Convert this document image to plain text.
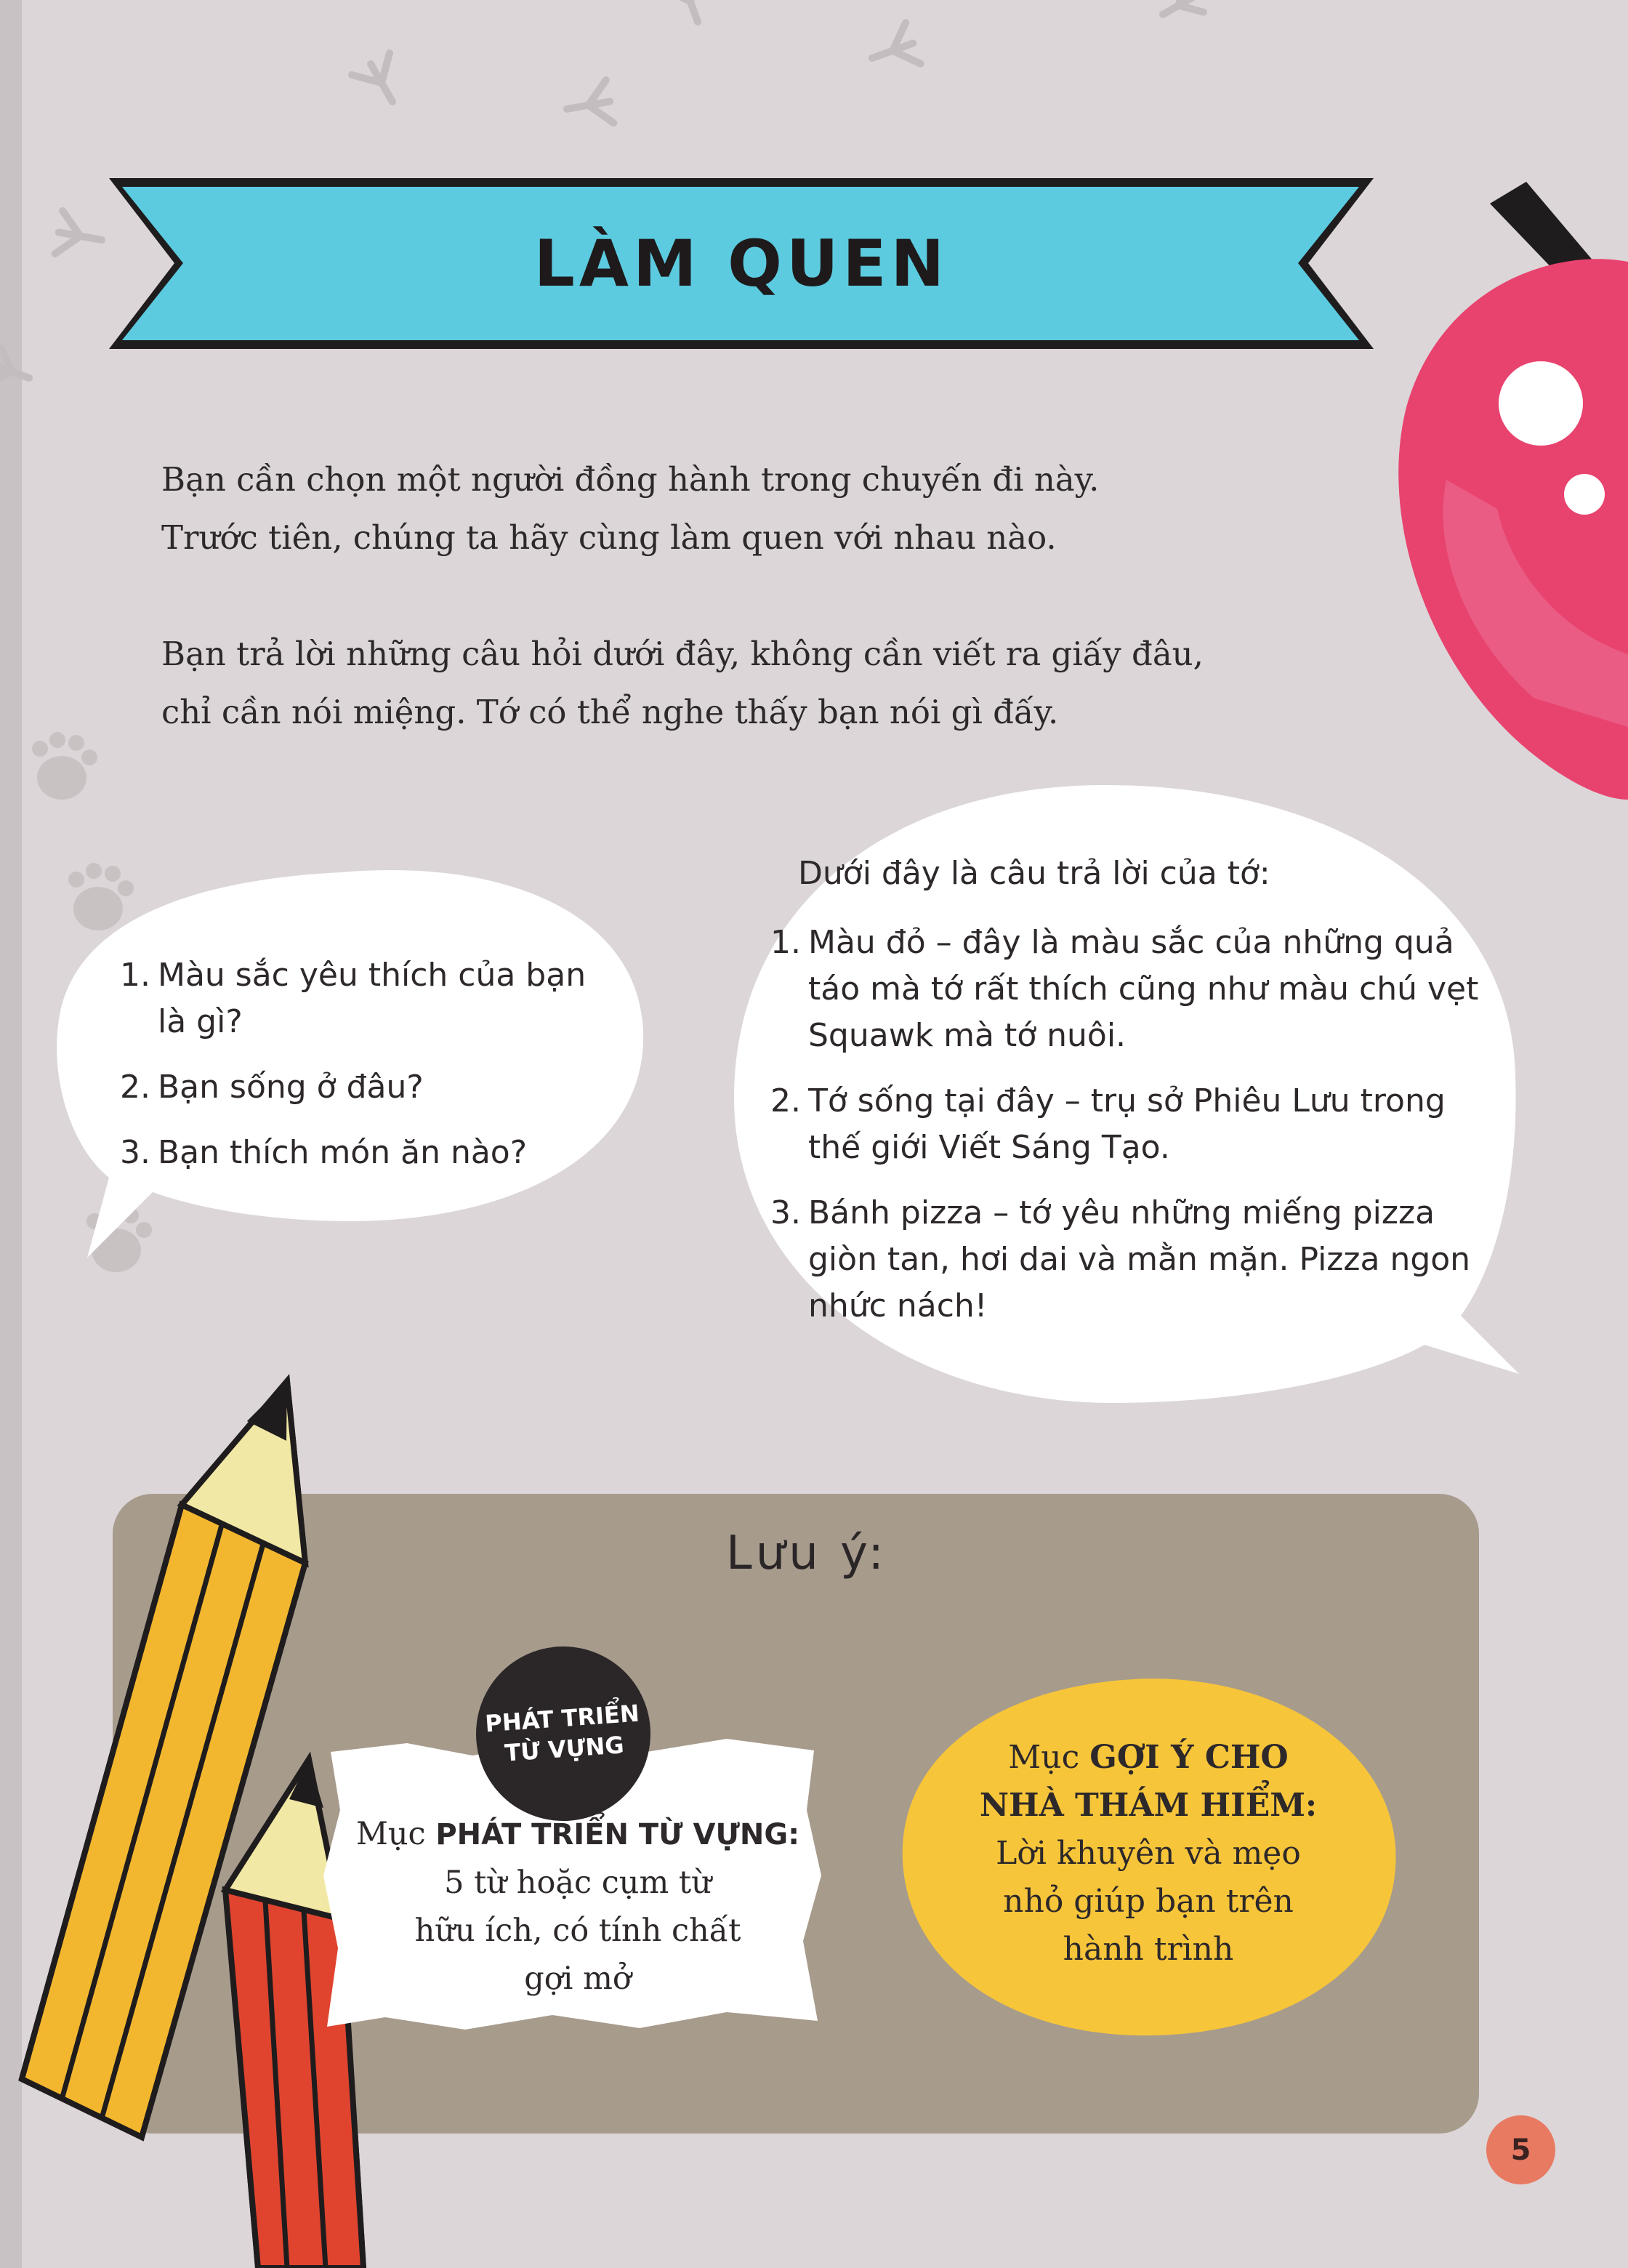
LÀM QUEN

Bạn cần chọn một người đồng hành trong chuyến đi này.

Trước tiên, chúng ta hãy cùng làm quen với nhau nào.

Bạn trả lời những câu hỏi dưới đây, không cần viết ra giấy đâu,

chỉ cần nói miệng. Tớ có thể nghe thấy bạn nói gì đấy.

1. Màu sắc yêu thích của bạn là gì?
2. Bạn sống ở đâu?
3. Bạn thích món ăn nào?
Dưới đây là câu trả lời của tớ:
1. Màu đỏ – đây là màu sắc của những quả táo mà tớ rất thích cũng như màu chú vẹt Squawk mà tớ nuôi.
2. Tớ sống tại đây – trụ sở Phiêu Lưu trong thế giới Viết Sáng Tạo.
3. Bánh pizza – tớ yêu những miếng pizza giòn tan, hơi dai và mằn mặn. Pizza ngon nhức nách!
Lưu ý:
PHÁT TRIỂN
TỪ VỰNG
Mục PHÁT TRIỂN TỪ VỰNG:
5 từ hoặc cụm từ
hữu ích, có tính chất
gợi mở
Mục GỢI Ý CHO
NHÀ THÁM HIỂM:
Lời khuyên và mẹo
nhỏ giúp bạn trên
hành trình
5
